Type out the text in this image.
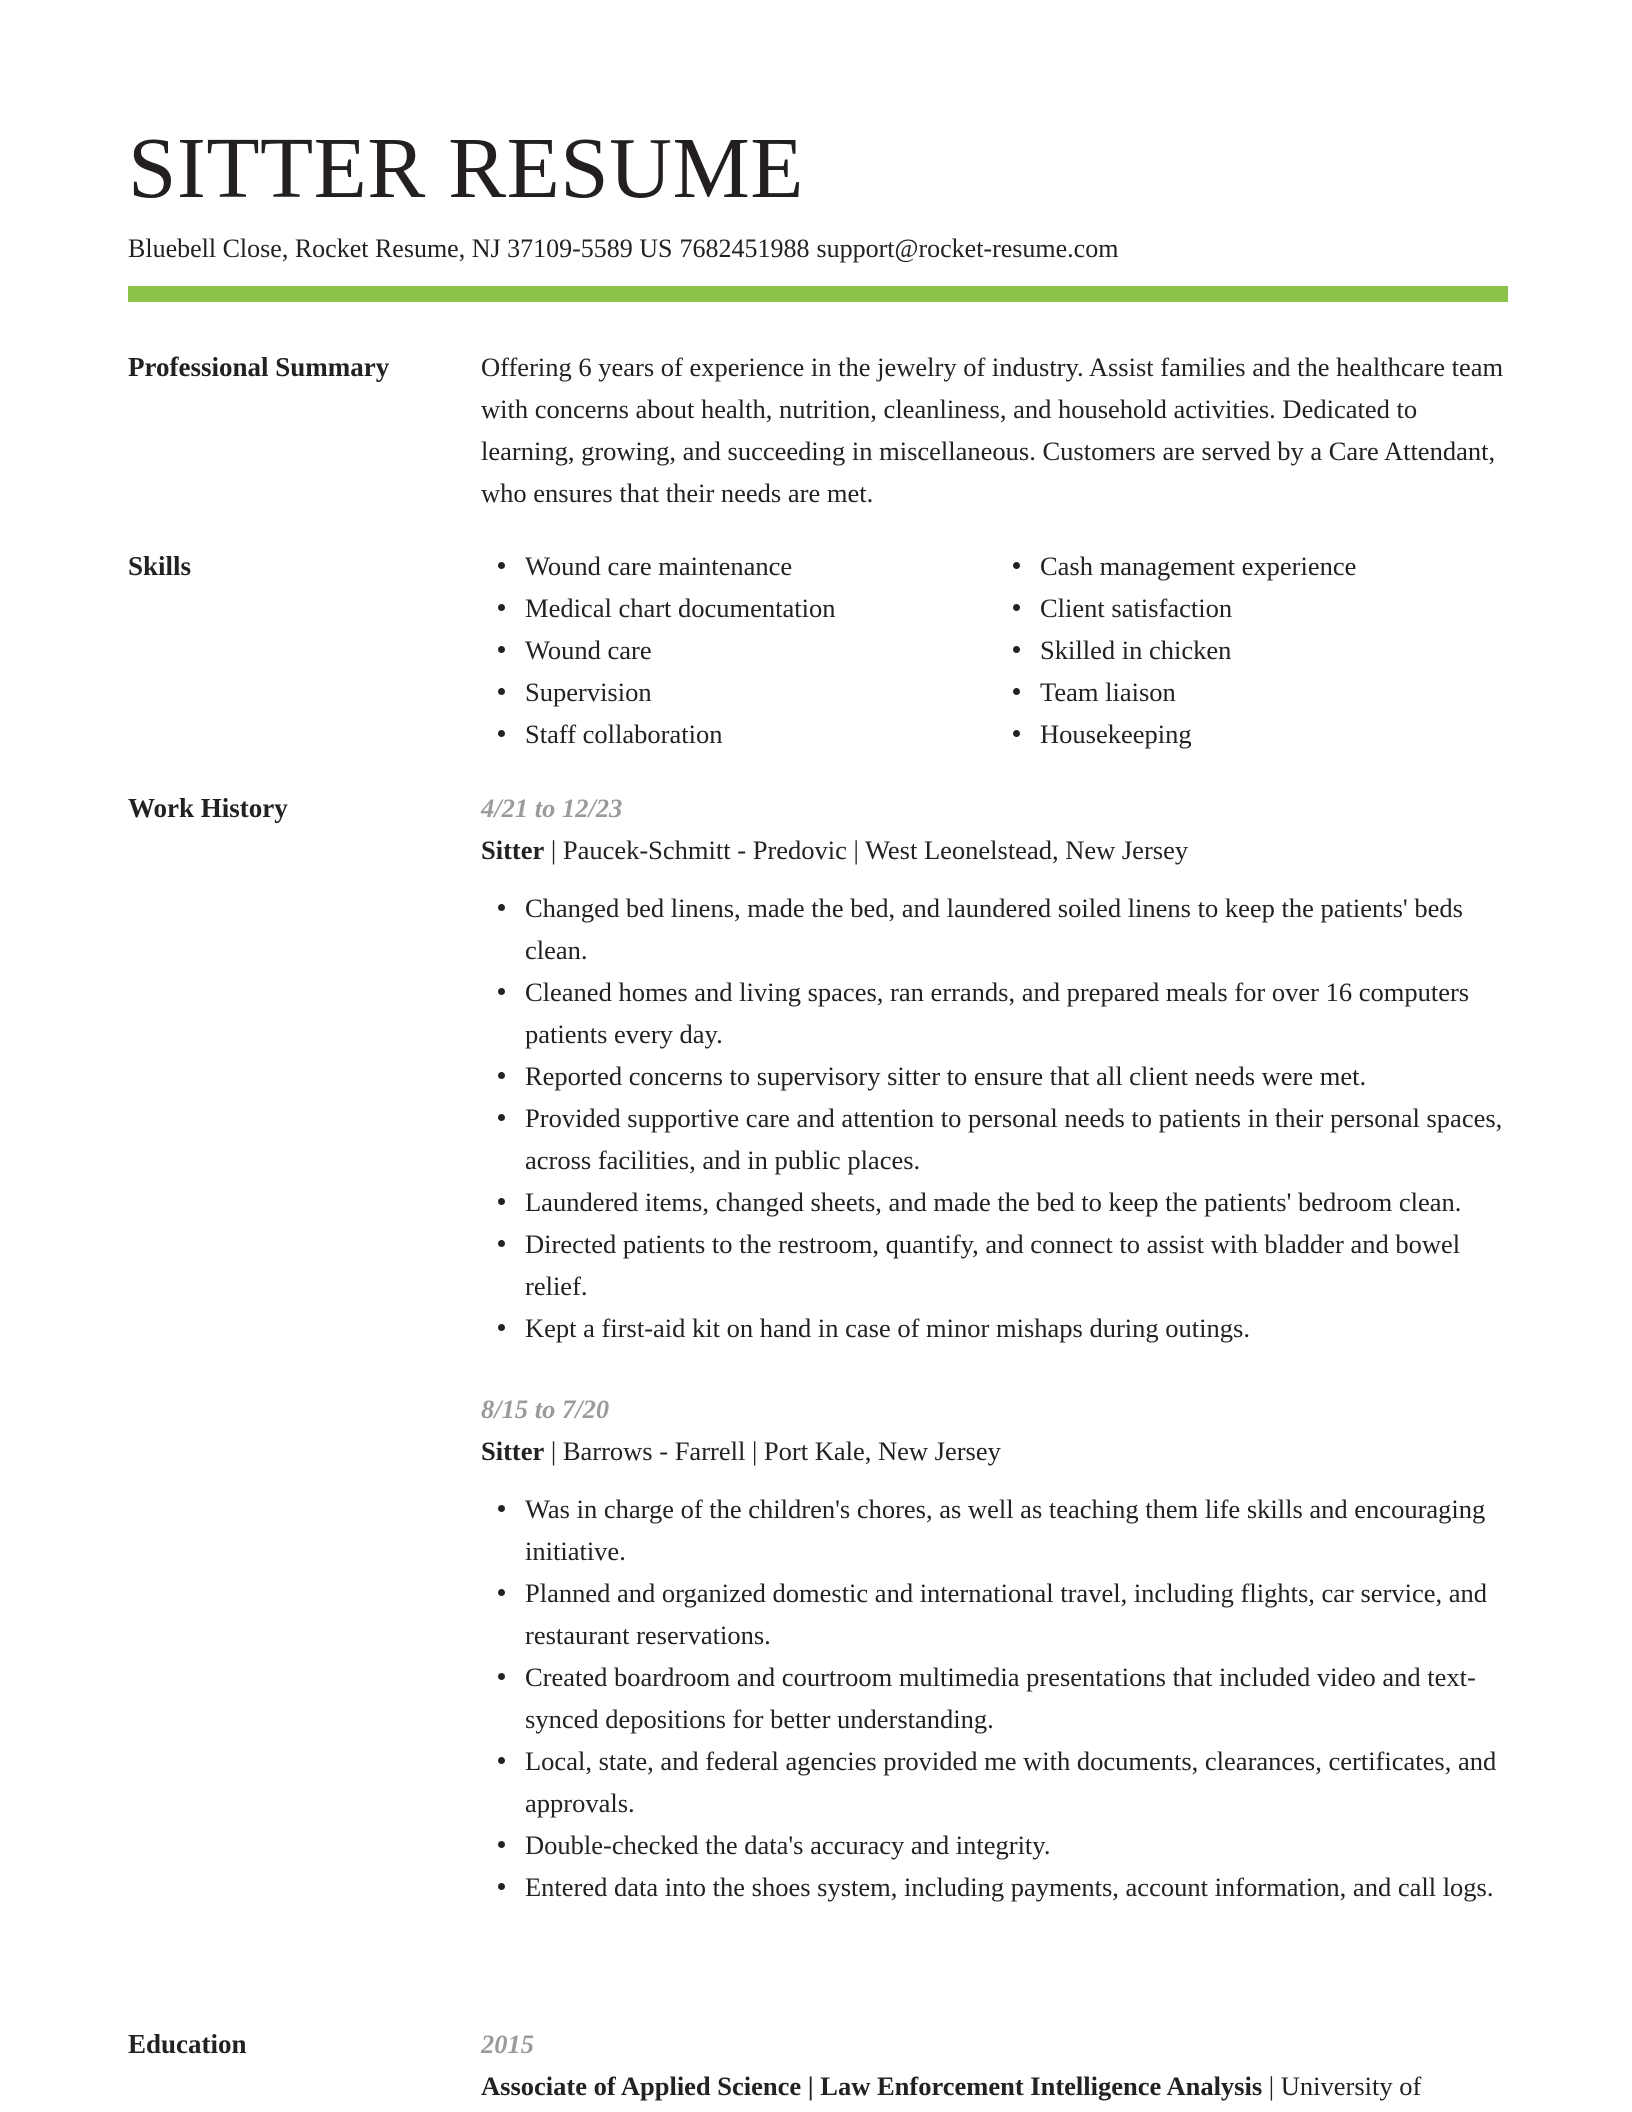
SITTER RESUME
Bluebell Close, Rocket Resume, NJ 37109-5589 US 7682451988 support@rocket-resume.com
Professional Summary	Offering 6 years of experience in the jewelry of industry. Assist families and the healthcare team with concerns about health, nutrition, cleanliness, and household activities. Dedicated to learning, growing, and succeeding in miscellaneous. Customers are served by a Care Attendant, who ensures that their needs are met.

Skills	Wound care maintenance
Medical chart documentation
Wound care
Supervision
Staff collaboration
Cash management experience
Client satisfaction
Skilled in chicken
Team liaison
Housekeeping
Work History	4/21 to 12/23
Sitter | Paucek-Schmitt - Predovic | West Leonelstead, New Jersey
Changed bed linens, made the bed, and laundered soiled linens to keep the patients' beds clean.
Cleaned homes and living spaces, ran errands, and prepared meals for over 16 computers patients every day.
Reported concerns to supervisory sitter to ensure that all client needs were met.
Provided supportive care and attention to personal needs to patients in their personal spaces, across facilities, and in public places.
Laundered items, changed sheets, and made the bed to keep the patients' bedroom clean.
Directed patients to the restroom, quantify, and connect to assist with bladder and bowel relief.
Kept a first-aid kit on hand in case of minor mishaps during outings.
8/15 to 7/20
Sitter | Barrows - Farrell | Port Kale, New Jersey
Was in charge of the children's chores, as well as teaching them life skills and encouraging initiative.
Planned and organized domestic and international travel, including flights, car service, and restaurant reservations.
Created boardroom and courtroom multimedia presentations that included video and text-synced depositions for better understanding.
Local, state, and federal agencies provided me with documents, clearances, certificates, and approvals.
Double-checked the data's accuracy and integrity.
Entered data into the shoes system, including payments, account information, and call logs.
Education	2015
Associate of Applied Science | Law Enforcement Intelligence Analysis | University of
